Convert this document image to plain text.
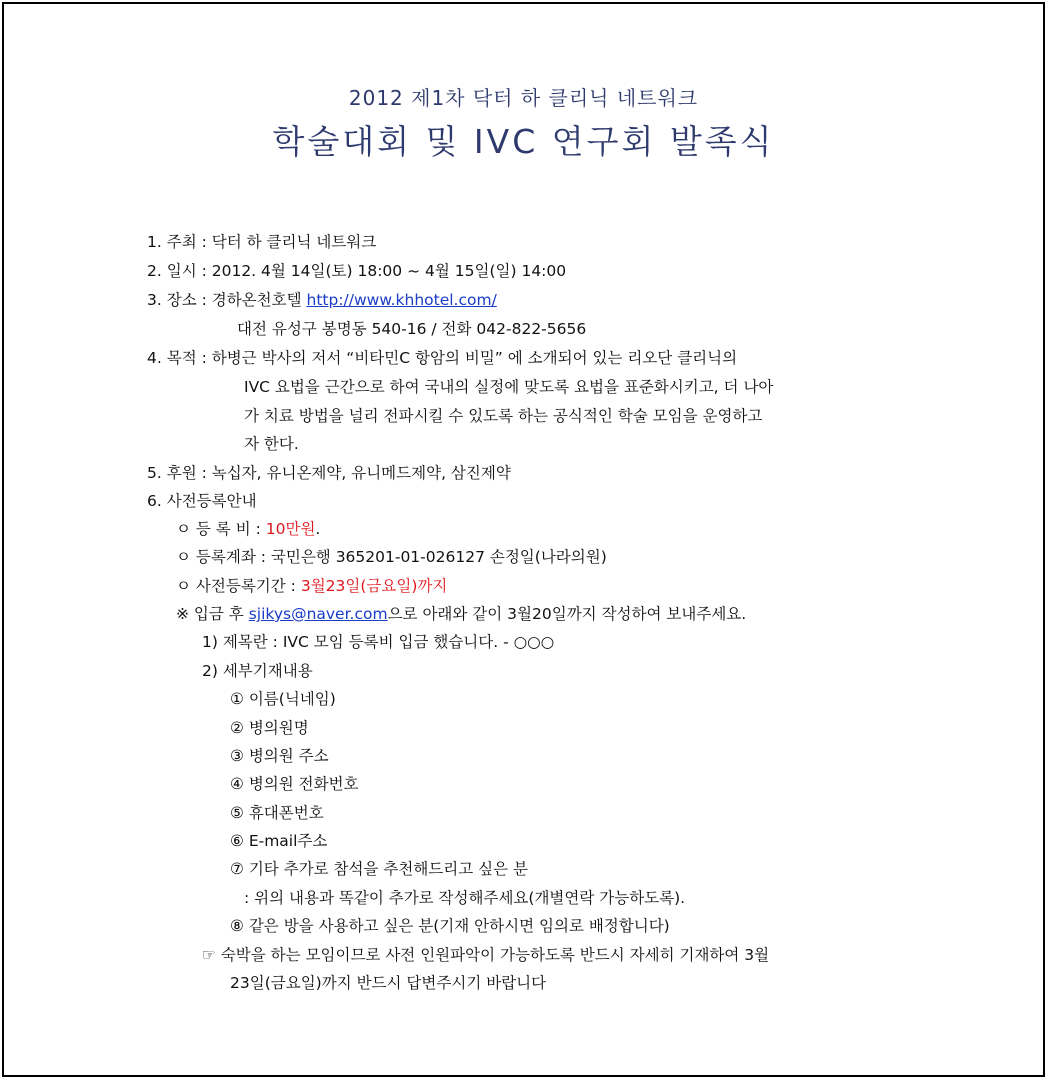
2012 제1차 닥터 하 클리닉 네트워크
학술대회 및 IVC 연구회 발족식
1. 주최 : 닥터 하 클리닉 네트워크
2. 일시 : 2012. 4월 14일(토) 18:00 ~ 4월 15일(일) 14:00
3. 장소 : 경하온천호텔 http://www.khhotel.com/
대전 유성구 봉명동 540-16 / 전화 042-822-5656
4. 목적 : 하병근 박사의 저서 “비타민C 항암의 비밀” 에 소개되어 있는 리오단 클리닉의
IVC 요법을 근간으로 하여 국내의 실정에 맞도록 요법을 표준화시키고, 더 나아
가 치료 방법을 널리 전파시킬 수 있도록 하는 공식적인 학술 모임을 운영하고
자 한다.
5. 후원 : 녹십자, 유니온제약, 유니메드제약, 삼진제약
6. 사전등록안내
ㅇ 등 록 비 : 10만원.
ㅇ 등록계좌 : 국민은행 365201-01-026127 손정일(나라의원)
ㅇ 사전등록기간 : 3월23일(금요일)까지
※ 입금 후 sjikys@naver.com으로 아래와 같이 3월20일까지 작성하여 보내주세요.
1) 제목란 : IVC 모임 등록비 입금 했습니다. - ○○○
2) 세부기재내용
① 이름(닉네임)
② 병의원명
③ 병의원 주소
④ 병의원 전화번호
⑤ 휴대폰번호
⑥ E-mail주소
⑦ 기타 추가로 참석을 추천해드리고 싶은 분
: 위의 내용과 똑같이 추가로 작성해주세요(개별연락 가능하도록).
⑧ 같은 방을 사용하고 싶은 분(기재 안하시면 임의로 배정합니다)
☞ 숙박을 하는 모임이므로 사전 인원파악이 가능하도록 반드시 자세히 기재하여 3월
23일(금요일)까지 반드시 답변주시기 바랍니다
